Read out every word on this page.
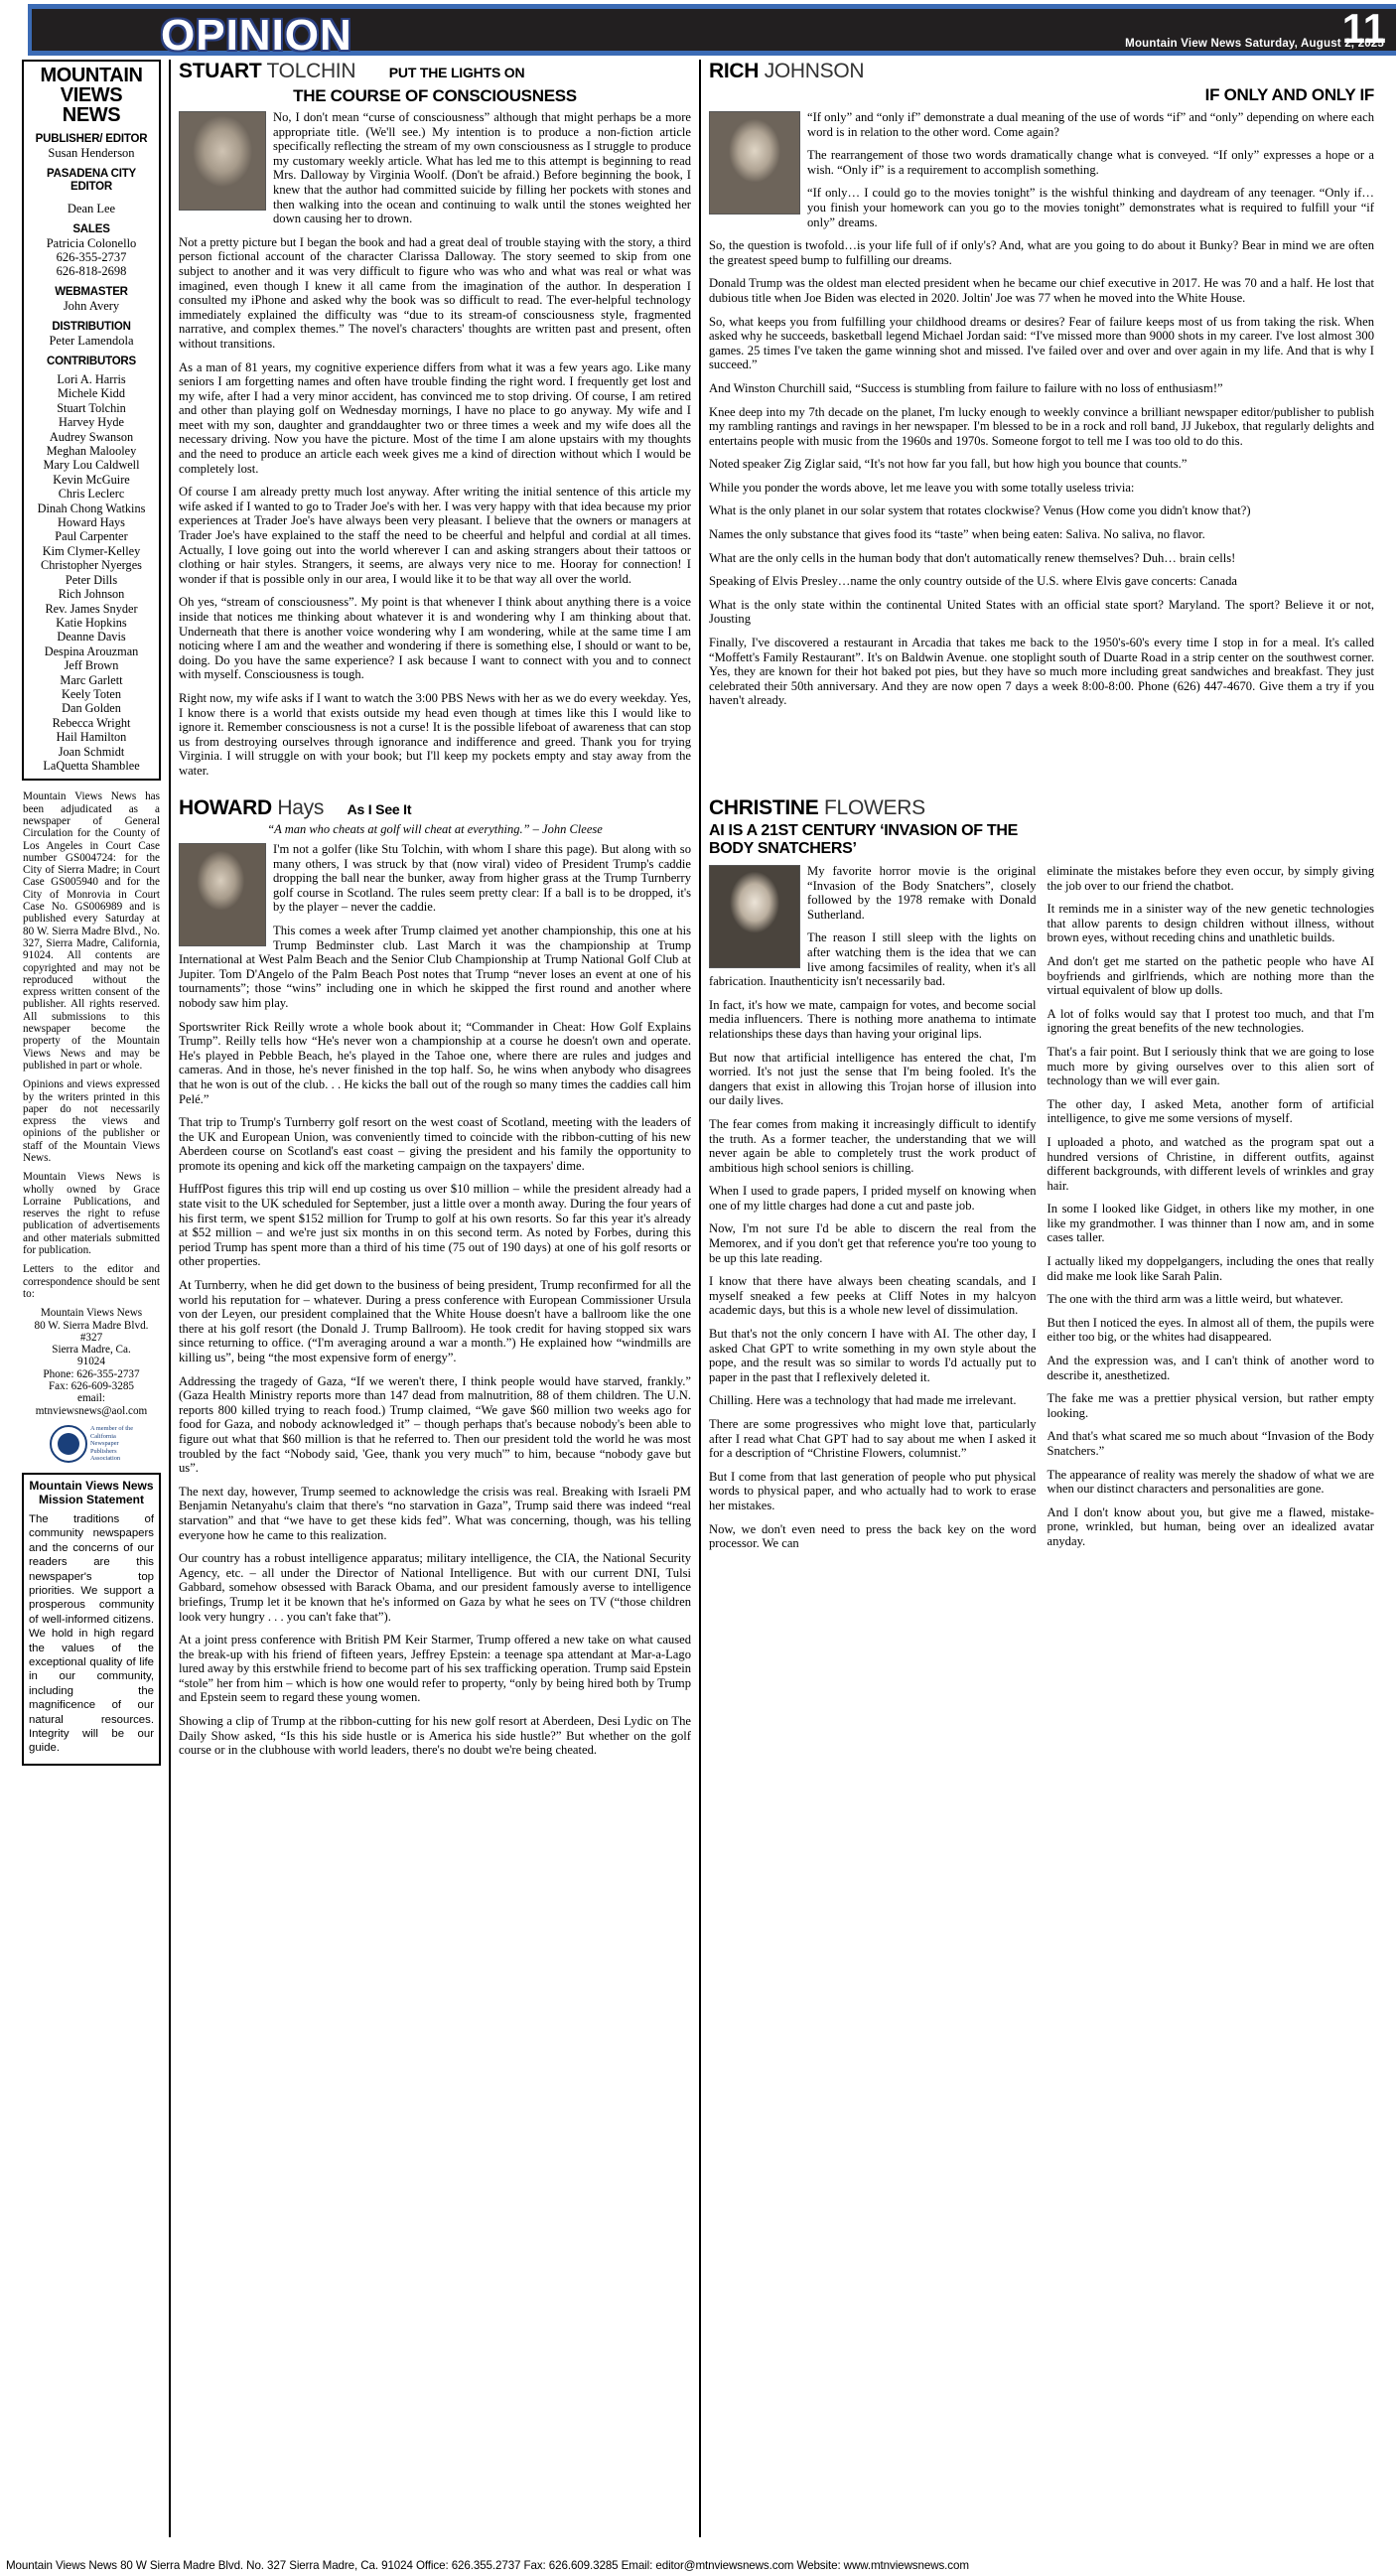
OPINION	11
Mountain View News Saturday, August 2, 2025
MOUNTAIN
VIEWS
NEWS
PUBLISHER/ EDITOR
Susan Henderson
PASADENA CITY EDITOR
Dean Lee
SALES
Patricia Colonello
626-355-2737
626-818-2698
WEBMASTER
John Avery
DISTRIBUTION
Peter Lamendola
CONTRIBUTORS
Lori A. Harris
Michele Kidd
Stuart Tolchin
Harvey Hyde
Audrey Swanson
Meghan Malooley
Mary Lou Caldwell
Kevin McGuire
Chris Leclerc
Dinah Chong Watkins
Howard Hays
Paul Carpenter
Kim Clymer-Kelley
Christopher Nyerges
Peter Dills
Rich Johnson
Rev. James Snyder
Katie Hopkins
Deanne Davis
Despina Arouzman
Jeff Brown
Marc Garlett
Keely Toten
Dan Golden
Rebecca Wright
Hail Hamilton
Joan Schmidt
LaQuetta Shamblee

Mountain Views News has been adjudicated as a newspaper of General Circulation for the County of Los Angeles in Court Case number GS004724: for the City of Sierra Madre; in Court Case GS005940 and for the City of Monrovia in Court Case No. GS006989 and is published every Saturday at 80 W. Sierra Madre Blvd., No. 327, Sierra Madre, California, 91024. All contents are copyrighted and may not be reproduced without the express written consent of the publisher. All rights reserved. All submissions to this newspaper become the property of the Mountain Views News and may be published in part or whole.

Opinions and views expressed by the writers printed in this paper do not necessarily express the views and opinions of the publisher or staff of the Mountain Views News.

Mountain Views News is wholly owned by Grace Lorraine Publications, and reserves the right to refuse publication of advertisements and other materials submitted for publication.

Letters to the editor and correspondence should be sent to:

Mountain Views News
80 W. Sierra Madre Blvd.
#327
Sierra Madre, Ca.
91024
Phone: 626-355-2737
Fax: 626-609-3285
email:
mtnviewsnews@aol.com
A member of the
California
Newspaper
Publishers
Association
Mountain Views News
Mission Statement
The traditions of community newspapers and the concerns of our readers are this newspaper's top priorities. We support a prosperous community of well-informed citizens. We hold in high regard the values of the exceptional quality of life in our community, including the magnificence of our natural resources. Integrity will be our guide.
STUART TOLCHIN PUT THE LIGHTS ON
THE COURSE OF CONSCIOUSNESS

No, I don't mean “curse of consciousness” although that might perhaps be a more appropriate title. (We'll see.) My intention is to produce a non-fiction article specifically reflecting the stream of my own consciousness as I struggle to produce my customary weekly article. What has led me to this attempt is beginning to read Mrs. Dalloway by Virginia Woolf. (Don't be afraid.) Before beginning the book, I knew that the author had committed suicide by filling her pockets with stones and then walking into the ocean and continuing to walk until the stones weighted her down causing her to drown.

Not a pretty picture but I began the book and had a great deal of trouble staying with the story, a third person fictional account of the character Clarissa Dalloway. The story seemed to skip from one subject to another and it was very difficult to figure who was who and what was real or what was imagined, even though I knew it all came from the imagination of the author. In desperation I consulted my iPhone and asked why the book was so difficult to read. The ever-helpful technology immediately explained the difficulty was “due to its stream-of consciousness style, fragmented narrative, and complex themes.” The novel's characters' thoughts are written past and present, often without transitions.

As a man of 81 years, my cognitive experience differs from what it was a few years ago. Like many seniors I am forgetting names and often have trouble finding the right word. I frequently get lost and my wife, after I had a very minor accident, has convinced me to stop driving. Of course, I am retired and other than playing golf on Wednesday mornings, I have no place to go anyway. My wife and I meet with my son, daughter and granddaughter two or three times a week and my wife does all the necessary driving. Now you have the picture. Most of the time I am alone upstairs with my thoughts and the need to produce an article each week gives me a kind of direction without which I would be completely lost.

Of course I am already pretty much lost anyway. After writing the initial sentence of this article my wife asked if I wanted to go to Trader Joe's with her. I was very happy with that idea because my prior experiences at Trader Joe's have always been very pleasant. I believe that the owners or managers at Trader Joe's have explained to the staff the need to be cheerful and helpful and cordial at all times. Actually, I love going out into the world wherever I can and asking strangers about their tattoos or clothing or hair styles. Strangers, it seems, are always very nice to me. Hooray for connection! I wonder if that is possible only in our area, I would like it to be that way all over the world.

Oh yes, “stream of consciousness”. My point is that whenever I think about anything there is a voice inside that notices me thinking about whatever it is and wondering why I am thinking about that. Underneath that there is another voice wondering why I am wondering, while at the same time I am noticing where I am and the weather and wondering if there is something else, I should or want to be, doing. Do you have the same experience? I ask because I want to connect with you and to connect with myself. Consciousness is tough.

Right now, my wife asks if I want to watch the 3:00 PBS News with her as we do every weekday. Yes, I know there is a world that exists outside my head even though at times like this I would like to ignore it. Remember consciousness is not a curse! It is the possible lifeboat of awareness that can stop us from destroying ourselves through ignorance and indifference and greed. Thank you for trying Virginia. I will struggle on with your book; but I'll keep my pockets empty and stay away from the water.

RICH JOHNSON
IF ONLY AND ONLY IF

“If only” and “only if” demonstrate a dual meaning of the use of words “if” and “only” depending on where each word is in relation to the other word. Come again?

The rearrangement of those two words dramatically change what is conveyed. “If only” expresses a hope or a wish. “Only if” is a requirement to accomplish something.

“If only… I could go to the movies tonight” is the wishful thinking and daydream of any teenager. “Only if…you finish your homework can you go to the movies tonight” demonstrates what is required to fulfill your “if only” dreams.

So, the question is twofold…is your life full of if only's? And, what are you going to do about it Bunky? Bear in mind we are often the greatest speed bump to fulfilling our dreams.

Donald Trump was the oldest man elected president when he became our chief executive in 2017. He was 70 and a half. He lost that dubious title when Joe Biden was elected in 2020. Joltin' Joe was 77 when he moved into the White House.

So, what keeps you from fulfilling your childhood dreams or desires? Fear of failure keeps most of us from taking the risk. When asked why he succeeds, basketball legend Michael Jordan said: “I've missed more than 9000 shots in my career. I've lost almost 300 games. 25 times I've taken the game winning shot and missed. I've failed over and over and over again in my life. And that is why I succeed.”

And Winston Churchill said, “Success is stumbling from failure to failure with no loss of enthusiasm!”

Knee deep into my 7th decade on the planet, I'm lucky enough to weekly convince a brilliant newspaper editor/publisher to publish my rambling rantings and ravings in her newspaper. I'm blessed to be in a rock and roll band, JJ Jukebox, that regularly delights and entertains people with music from the 1960s and 1970s. Someone forgot to tell me I was too old to do this.

Noted speaker Zig Ziglar said, “It's not how far you fall, but how high you bounce that counts.”

While you ponder the words above, let me leave you with some totally useless trivia:

What is the only planet in our solar system that rotates clockwise? Venus (How come you didn't know that?)

Names the only substance that gives food its “taste” when being eaten: Saliva. No saliva, no flavor.

What are the only cells in the human body that don't automatically renew themselves? Duh… brain cells!

Speaking of Elvis Presley…name the only country outside of the U.S. where Elvis gave concerts: Canada

What is the only state within the continental United States with an official state sport? Maryland. The sport? Believe it or not, Jousting

Finally, I've discovered a restaurant in Arcadia that takes me back to the 1950's-60's every time I stop in for a meal. It's called “Moffett's Family Restaurant”. It's on Baldwin Avenue. one stoplight south of Duarte Road in a strip center on the southwest corner. Yes, they are known for their hot baked pot pies, but they have so much more including great sandwiches and breakfast. They just celebrated their 50th anniversary. And they are now open 7 days a week 8:00-8:00. Phone (626) 447-4670. Give them a try if you haven't already.

HOWARD Hays As I See It
“A man who cheats at golf will cheat at everything.” – John Cleese

I'm not a golfer (like Stu Tolchin, with whom I share this page). But along with so many others, I was struck by that (now viral) video of President Trump's caddie dropping the ball near the bunker, away from higher grass at the Trump Turnberry golf course in Scotland. The rules seem pretty clear: If a ball is to be dropped, it's by the player – never the caddie.

This comes a week after Trump claimed yet another championship, this one at his Trump Bedminster club. Last March it was the championship at Trump International at West Palm Beach and the Senior Club Championship at Trump National Golf Club at Jupiter. Tom D'Angelo of the Palm Beach Post notes that Trump “never loses an event at one of his tournaments”; those “wins” including one in which he skipped the first round and another where nobody saw him play.

Sportswriter Rick Reilly wrote a whole book about it; “Commander in Cheat: How Golf Explains Trump”. Reilly tells how “He's never won a championship at a course he doesn't own and operate. He's played in Pebble Beach, he's played in the Tahoe one, where there are rules and judges and cameras. And in those, he's never finished in the top half. So, he wins when anybody who disagrees that he won is out of the club. . . He kicks the ball out of the rough so many times the caddies call him Pelé.”

That trip to Trump's Turnberry golf resort on the west coast of Scotland, meeting with the leaders of the UK and European Union, was conveniently timed to coincide with the ribbon-cutting of his new Aberdeen course on Scotland's east coast – giving the president and his family the opportunity to promote its opening and kick off the marketing campaign on the taxpayers' dime.

HuffPost figures this trip will end up costing us over $10 million – while the president already had a state visit to the UK scheduled for September, just a little over a month away. During the four years of his first term, we spent $152 million for Trump to golf at his own resorts. So far this year it's already at $52 million – and we're just six months in on this second term. As noted by Forbes, during this period Trump has spent more than a third of his time (75 out of 190 days) at one of his golf resorts or other properties.

At Turnberry, when he did get down to the business of being president, Trump reconfirmed for all the world his reputation for – whatever. During a press conference with European Commissioner Ursula von der Leyen, our president complained that the White House doesn't have a ballroom like the one there at his golf resort (the Donald J. Trump Ballroom). He took credit for having stopped six wars since returning to office. (“I'm averaging around a war a month.”) He explained how “windmills are killing us”, being “the most expensive form of energy”.

Addressing the tragedy of Gaza, “If we weren't there, I think people would have starved, frankly.” (Gaza Health Ministry reports more than 147 dead from malnutrition, 88 of them children. The U.N. reports 800 killed trying to reach food.) Trump claimed, “We gave $60 million two weeks ago for food for Gaza, and nobody acknowledged it” – though perhaps that's because nobody's been able to figure out what that $60 million is that he referred to. Then our president told the world he was most troubled by the fact “Nobody said, 'Gee, thank you very much'” to him, because “nobody gave but us”.

The next day, however, Trump seemed to acknowledge the crisis was real. Breaking with Israeli PM Benjamin Netanyahu's claim that there's “no starvation in Gaza”, Trump said there was indeed “real starvation” and that “we have to get these kids fed”. What was concerning, though, was his telling everyone how he came to this realization.

Our country has a robust intelligence apparatus; military intelligence, the CIA, the National Security Agency, etc. – all under the Director of National Intelligence. But with our current DNI, Tulsi Gabbard, somehow obsessed with Barack Obama, and our president famously averse to intelligence briefings, Trump let it be known that he's informed on Gaza by what he sees on TV (“those children look very hungry . . . you can't fake that”).

At a joint press conference with British PM Keir Starmer, Trump offered a new take on what caused the break-up with his friend of fifteen years, Jeffrey Epstein: a teenage spa attendant at Mar-a-Lago lured away by this erstwhile friend to become part of his sex trafficking operation. Trump said Epstein “stole” her from him – which is how one would refer to property, “only by being hired both by Trump and Epstein seem to regard these young women.

Showing a clip of Trump at the ribbon-cutting for his new golf resort at Aberdeen, Desi Lydic on The Daily Show asked, “Is this his side hustle or is America his side hustle?” But whether on the golf course or in the clubhouse with world leaders, there's no doubt we're being cheated.

CHRISTINE FLOWERS
AI IS A 21ST CENTURY ‘INVASION OF THE BODY SNATCHERS’

My favorite horror movie is the original “Invasion of the Body Snatchers”, closely followed by the 1978 remake with Donald Sutherland.

The reason I still sleep with the lights on after watching them is the idea that we can live among facsimiles of reality, when it's all fabrication. Inauthenticity isn't necessarily bad.

In fact, it's how we mate, campaign for votes, and become social media influencers. There is nothing more anathema to intimate relationships these days than having your original lips.

But now that artificial intelligence has entered the chat, I'm worried. It's not just the sense that I'm being fooled. It's the dangers that exist in allowing this Trojan horse of illusion into our daily lives.

The fear comes from making it increasingly difficult to identify the truth. As a former teacher, the understanding that we will never again be able to completely trust the work product of ambitious high school seniors is chilling.

When I used to grade papers, I prided myself on knowing when one of my little charges had done a cut and paste job.

Now, I'm not sure I'd be able to discern the real from the Memorex, and if you don't get that reference you're too young to be up this late reading.

I know that there have always been cheating scandals, and I myself sneaked a few peeks at Cliff Notes in my halcyon academic days, but this is a whole new level of dissimulation.

But that's not the only concern I have with AI. The other day, I asked Chat GPT to write something in my own style about the pope, and the result was so similar to words I'd actually put to paper in the past that I reflexively deleted it.

Chilling. Here was a technology that had made me irrelevant.

There are some progressives who might love that, particularly after I read what Chat GPT had to say about me when I asked it for a description of “Christine Flowers, columnist.”

But I come from that last generation of people who put physical words to physical paper, and who actually had to work to erase her mistakes.

Now, we don't even need to press the back key on the word processor. We can

eliminate the mistakes before they even occur, by simply giving the job over to our friend the chatbot.

It reminds me in a sinister way of the new genetic technologies that allow parents to design children without illness, without brown eyes, without receding chins and unathletic builds.

And don't get me started on the pathetic people who have AI boyfriends and girlfriends, which are nothing more than the virtual equivalent of blow up dolls.

A lot of folks would say that I protest too much, and that I'm ignoring the great benefits of the new technologies.

That's a fair point. But I seriously think that we are going to lose much more by giving ourselves over to this alien sort of technology than we will ever gain.

The other day, I asked Meta, another form of artificial intelligence, to give me some versions of myself.

I uploaded a photo, and watched as the program spat out a hundred versions of Christine, in different outfits, against different backgrounds, with different levels of wrinkles and gray hair.

In some I looked like Gidget, in others like my mother, in one like my grandmother. I was thinner than I now am, and in some cases taller.

I actually liked my doppelgangers, including the ones that really did make me look like Sarah Palin.

The one with the third arm was a little weird, but whatever.

But then I noticed the eyes. In almost all of them, the pupils were either too big, or the whites had disappeared.

And the expression was, and I can't think of another word to describe it, anesthetized.

The fake me was a prettier physical version, but rather empty looking.

And that's what scared me so much about “Invasion of the Body Snatchers.”

The appearance of reality was merely the shadow of what we are when our distinct characters and personalities are gone.

And I don't know about you, but give me a flawed, mistake-prone, wrinkled, but human, being over an idealized avatar anyday.

Mountain Views News 80 W Sierra Madre Blvd. No. 327 Sierra Madre, Ca. 91024 Office: 626.355.2737 Fax: 626.609.3285 Email: editor@mtnviewsnews.com Website: www.mtnviewsnews.com
